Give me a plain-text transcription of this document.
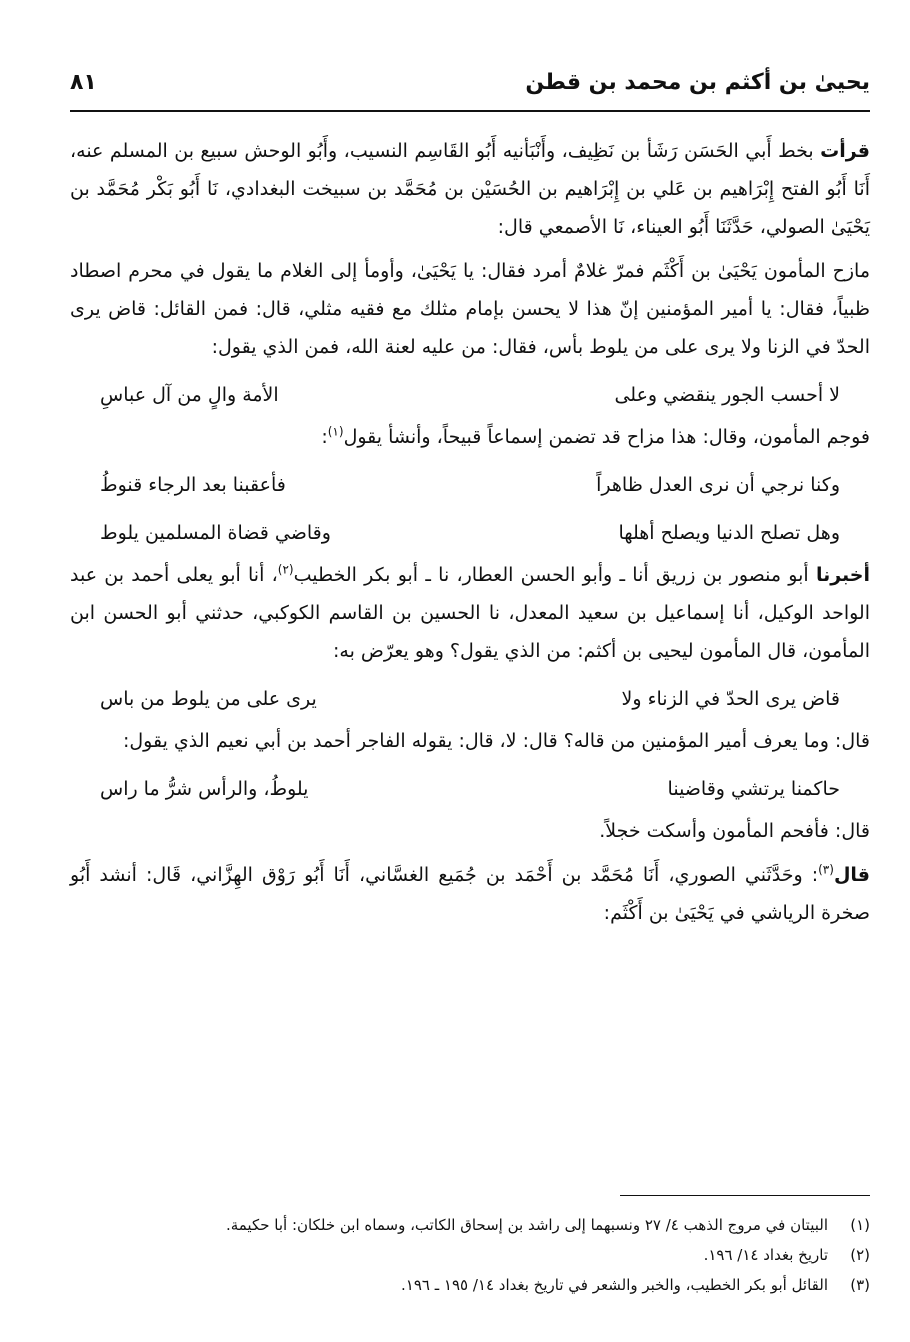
يحيىٰ بن أكثم بن محمد بن قطن
٨١

قرأت بخط أَبي الحَسَن رَشَأ بن نَظِيف، وأَنْبَأنيه أَبُو القَاسِم النسيب، وأَبُو الوحش سبيع بن المسلم عنه، أَنَا أَبُو الفتح إِبْرَاهيم بن عَلي بن إِبْرَاهيم بن الحُسَيْن بن مُحَمَّد بن سبيخت البغدادي، نَا أَبُو بَكْر مُحَمَّد بن يَحْيَىٰ الصولي، حَدَّثَنَا أَبُو العيناء، نَا الأصمعي قال:

مازح المأمون يَحْيَىٰ بن أَكْثَم فمرّ غلامٌ أمرد فقال: يا يَحْيَىٰ، وأومأ إلى الغلام ما يقول في محرم اصطاد ظبياً، فقال: يا أمير المؤمنين إنّ هذا لا يحسن بإمام مثلك مع فقيه مثلي، قال: فمن القائل: قاض يرى الحدّ في الزنا ولا يرى على من يلوط بأس، فقال: من عليه لعنة الله، فمن الذي يقول:

لا أحسب الجور ينقضي وعلى
الأمة والٍ من آل عباسِ

فوجم المأمون، وقال: هذا مزاح قد تضمن إسماعاً قبيحاً، وأنشأ يقول$^{(١)}$:

وكنا نرجي أن نرى العدل ظاهراً
فأعقبنا بعد الرجاء قنوطُ
وهل تصلح الدنيا ويصلح أهلها
وقاضي قضاة المسلمين يلوط

أخبرنا أبو منصور بن زريق أنا ـ وأبو الحسن العطار، نا ـ أبو بكر الخطيب$^{(٢)}$، أنا أبو يعلى أحمد بن عبد الواحد الوكيل، أنا إسماعيل بن سعيد المعدل، نا الحسين بن القاسم الكوكبي، حدثني أبو الحسن ابن المأمون، قال المأمون ليحيى بن أكثم: من الذي يقول؟ وهو يعرّض به:

قاض يرى الحدّ في الزناء ولا
يرى على من يلوط من باس

قال: وما يعرف أمير المؤمنين من قاله؟ قال: لا، قال: يقوله الفاجر أحمد بن أبي نعيم الذي يقول:

حاكمنا يرتشي وقاضينا
يلوطُ، والرأس شرُّ ما راس

قال: فأفحم المأمون وأسكت خجلاً.

قال$^{(٣)}$: وحَدَّثَني الصوري، أَنَا مُحَمَّد بن أَحْمَد بن جُمَيع الغسَّاني، أَنَا أَبُو رَوْق الهِزَّاني، قَال: أنشد أَبُو صخرة الرياشي في يَحْيَىٰ بن أَكْثَم:

(١)
البيتان في مروج الذهب ٤/ ٢٧ ونسبهما إلى راشد بن إسحاق الكاتب، وسماه ابن خلكان: أبا حكيمة.
(٢)
تاريخ بغداد ١٤/ ١٩٦.
(٣)
القائل أبو بكر الخطيب، والخبر والشعر في تاريخ بغداد ١٤/ ١٩٥ ـ ١٩٦.
